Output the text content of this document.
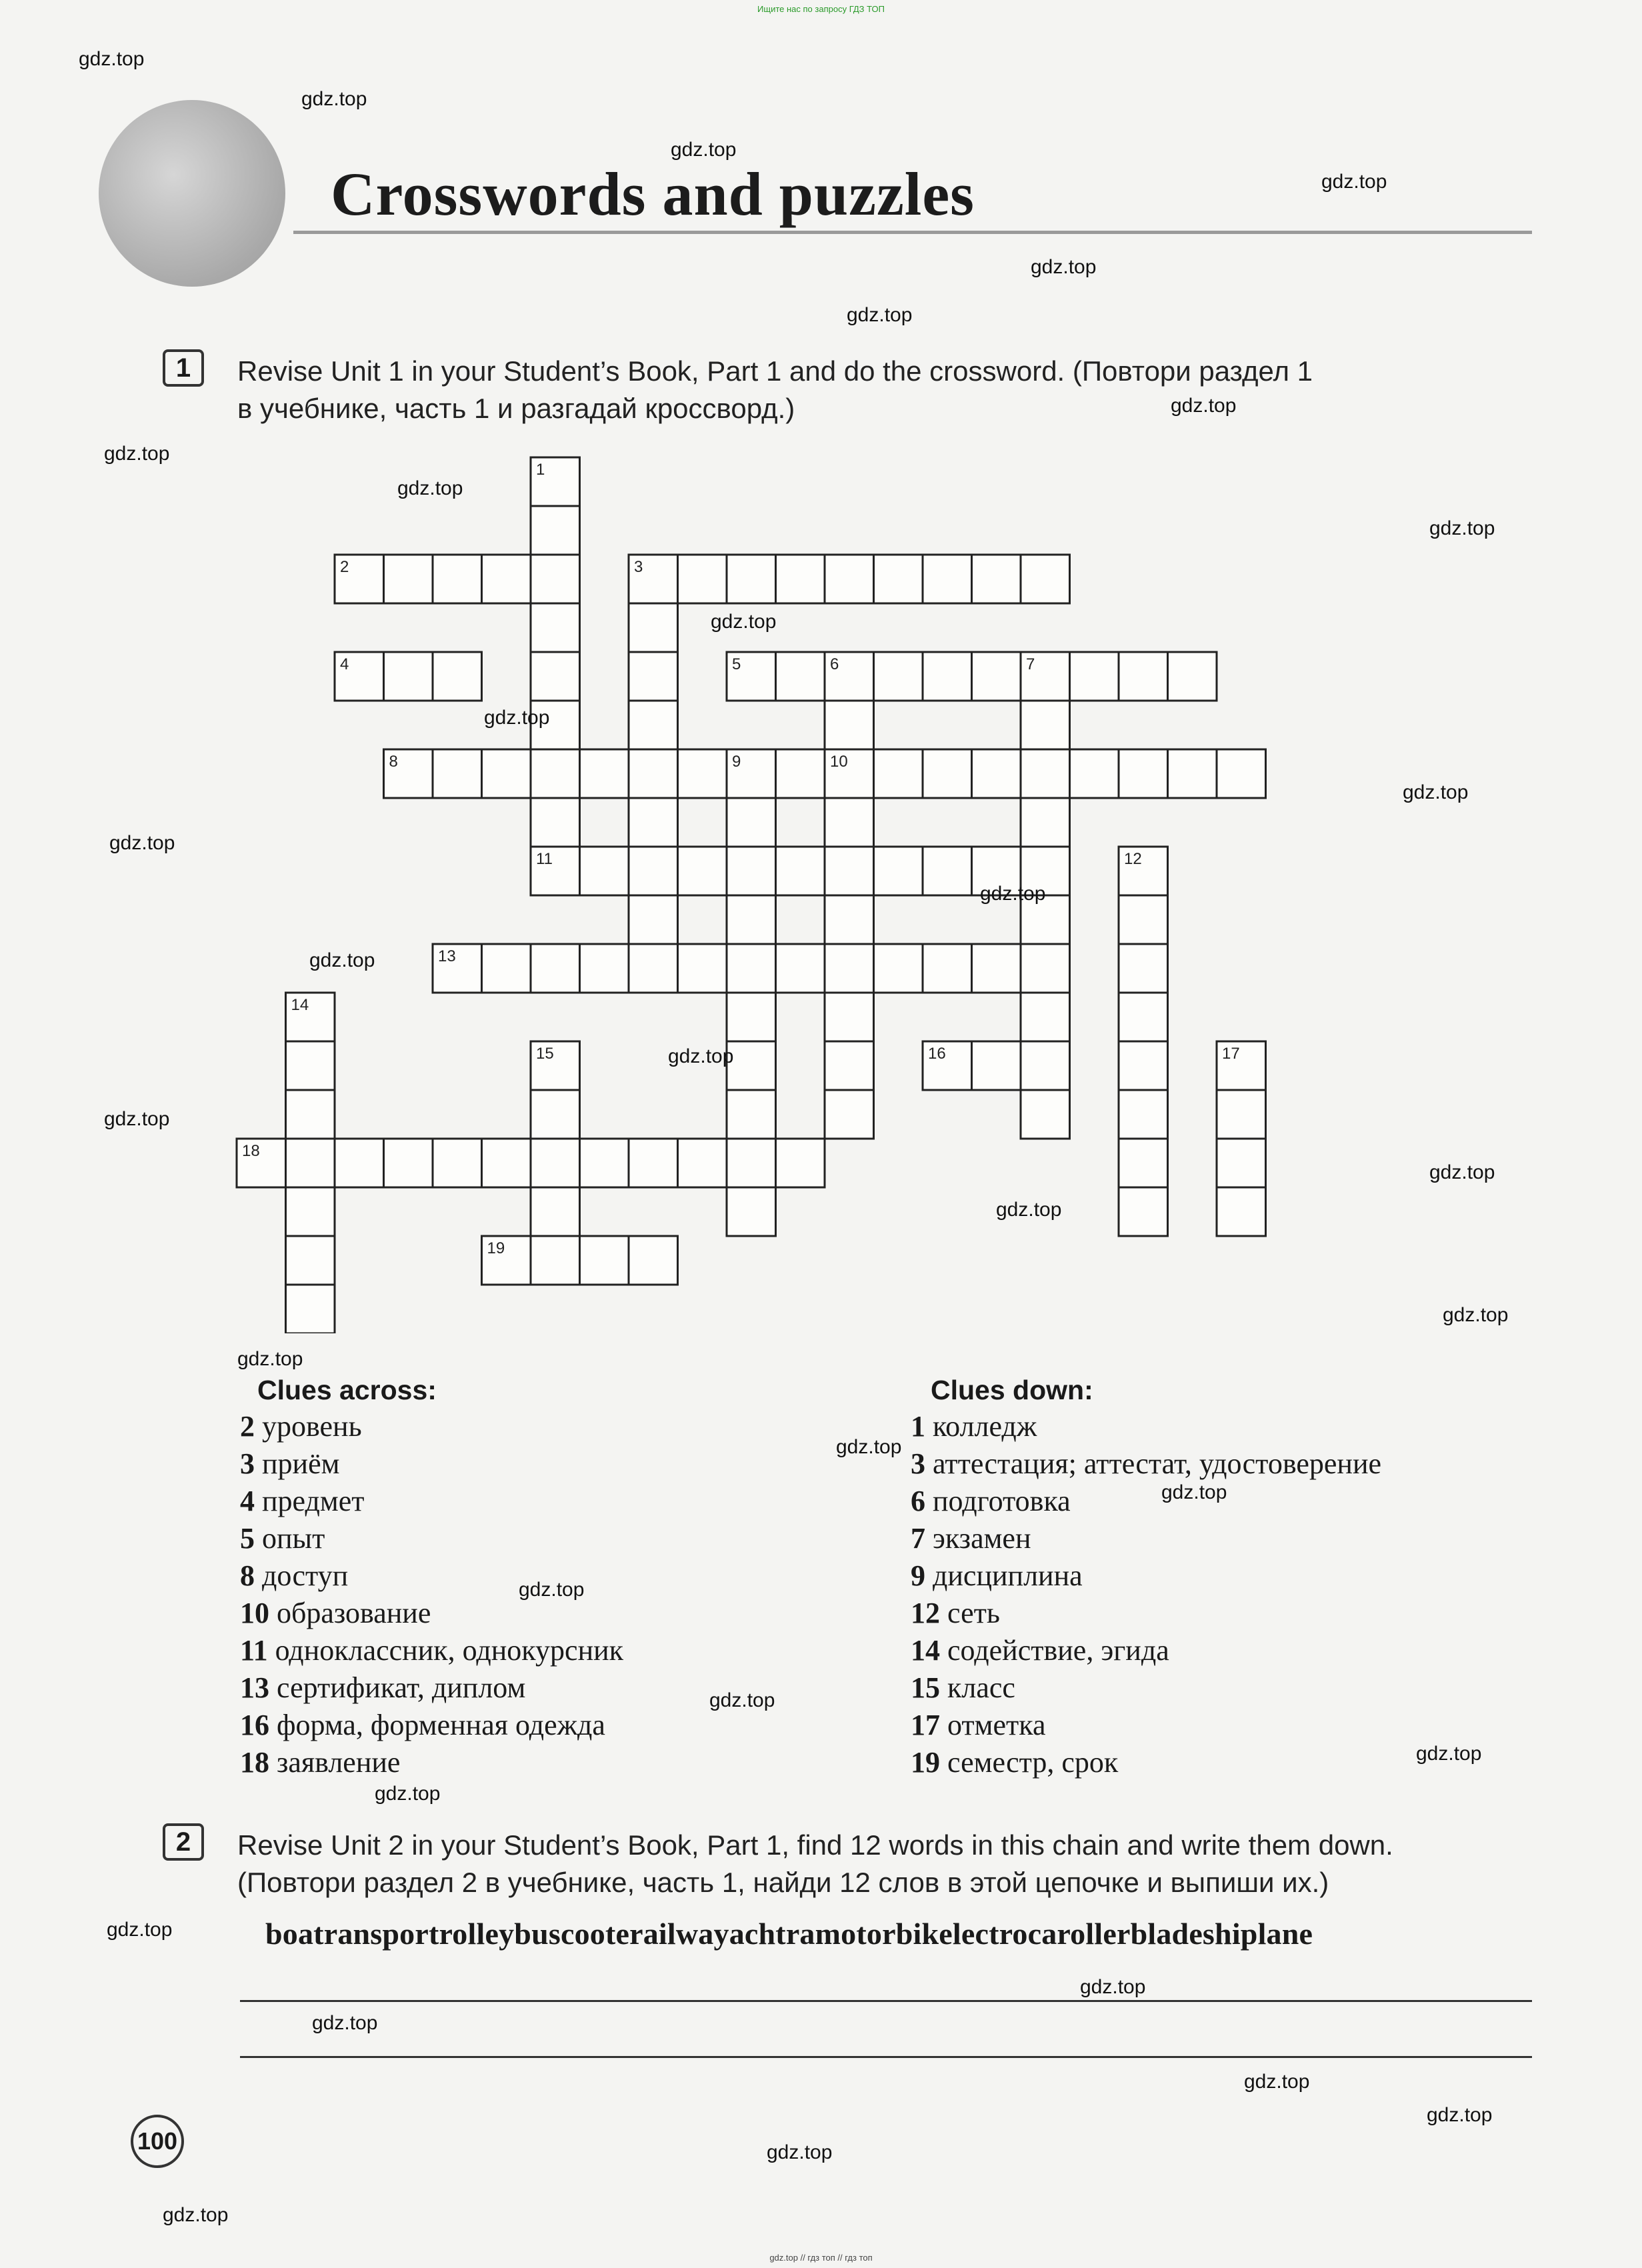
Ищите нас по запросу ГДЗ ТОП
Crosswords and puzzles
1	Revise Unit 1 in your Student’s Book, Part 1 and do the crossword. (Повтори раздел 1
в учебнике, часть 1 и разгадай кроссворд.)
1
2	3
4	5	6	7
8	9	10
11	12
13
14
15	16	17
18
19
Clues across:
2 уровень
3 приём
4 предмет
5 опыт
8 доступ
10 образование
11 одноклассник, однокурсник
13 сертификат, диплом
16 форма, форменная одежда
18 заявление
Clues down:
1 колледж
3 аттестация; аттестат, удостоверение
6 подготовка
7 экзамен
9 дисциплина
12 сеть
14 содействие, эгида
15 класс
17 отметка
19 семестр, срок
2	Revise Unit 2 in your Student’s Book, Part 1, find 12 words in this chain and write them down.
(Повтори раздел 2 в учебнике, часть 1, найди 12 слов в этой цепочке и выпиши их.)
boatransportrolleybuscooterailwayachtramotorbikelectrocarollerbladeshiplane
100
gdz.top
gdz.top
gdz.top
gdz.top
gdz.top
gdz.top
gdz.top
gdz.top
gdz.top
gdz.top
gdz.top
gdz.top
gdz.top
gdz.top
gdz.top
gdz.top
gdz.top
gdz.top
gdz.top
gdz.top
gdz.top
gdz.top
gdz.top
gdz.top
gdz.top
gdz.top
gdz.top
gdz.top
gdz.top
gdz.top
gdz.top
gdz.top
gdz.top
gdz.top
gdz.top
gdz.top // гдз топ // гдз топ
